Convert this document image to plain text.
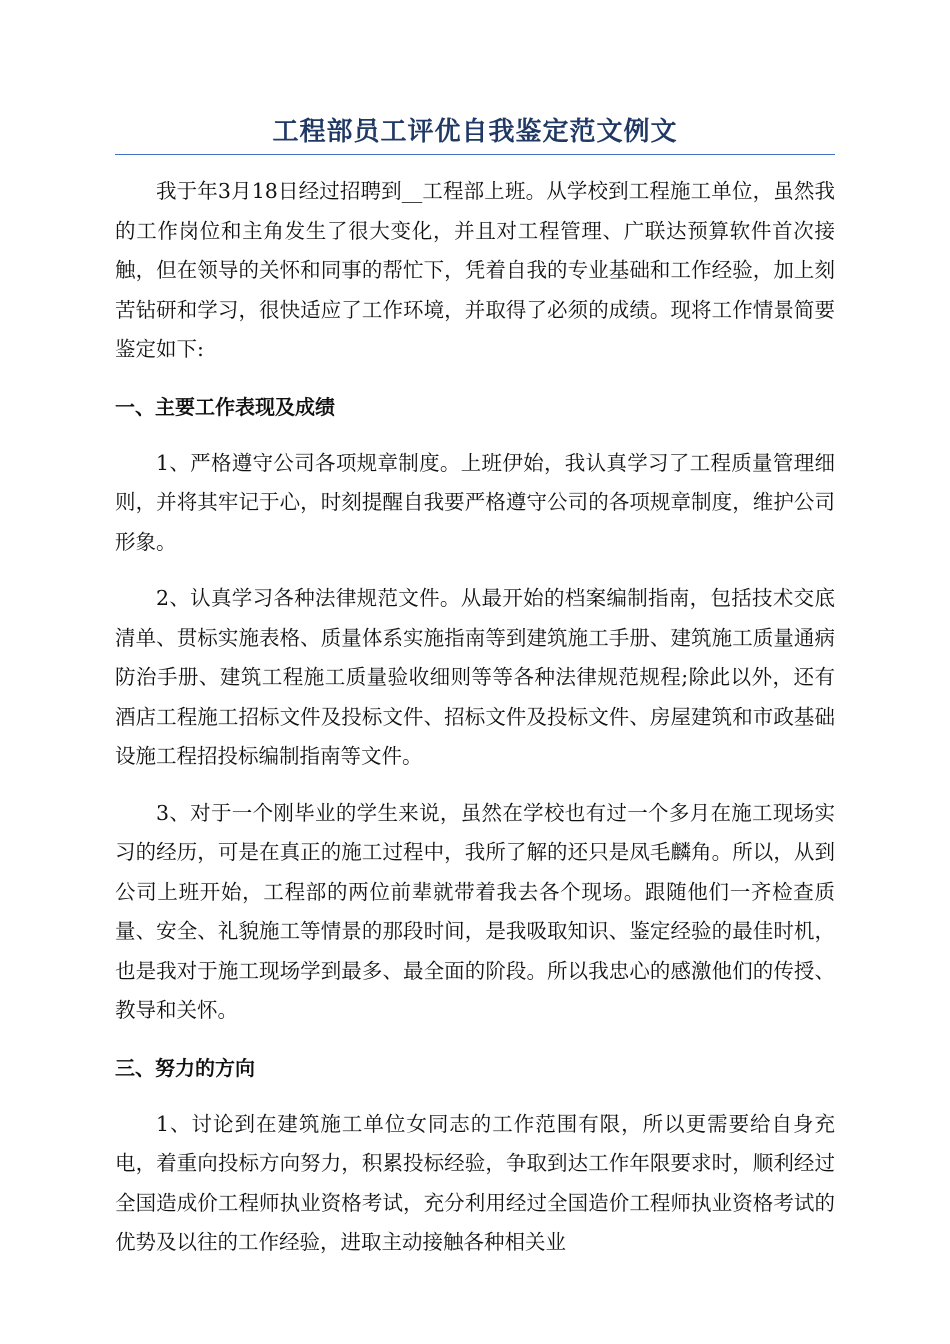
工程部员工评优自我鉴定范文例文

我于年3月18日经过招聘到__工程部上班。从学校到工程施工单位，虽然我的工作岗位和主角发生了很大变化，并且对工程管理、广联达预算软件首次接触，但在领导的关怀和同事的帮忙下，凭着自我的专业基础和工作经验，加上刻苦钻研和学习，很快适应了工作环境，并取得了必须的成绩。现将工作情景简要鉴定如下:

一、主要工作表现及成绩

1、严格遵守公司各项规章制度。上班伊始，我认真学习了工程质量管理细则，并将其牢记于心，时刻提醒自我要严格遵守公司的各项规章制度，维护公司形象。

2、认真学习各种法律规范文件。从最开始的档案编制指南，包括技术交底清单、贯标实施表格、质量体系实施指南等到建筑施工手册、建筑施工质量通病防治手册、建筑工程施工质量验收细则等等各种法律规范规程;除此以外，还有酒店工程施工招标文件及投标文件、招标文件及投标文件、房屋建筑和市政基础设施工程招投标编制指南等文件。

3、对于一个刚毕业的学生来说，虽然在学校也有过一个多月在施工现场实习的经历，可是在真正的施工过程中，我所了解的还只是凤毛麟角。所以，从到公司上班开始，工程部的两位前辈就带着我去各个现场。跟随他们一齐检查质量、安全、礼貌施工等情景的那段时间，是我吸取知识、鉴定经验的最佳时机，也是我对于施工现场学到最多、最全面的阶段。所以我忠心的感激他们的传授、教导和关怀。

三、努力的方向

1、讨论到在建筑施工单位女同志的工作范围有限，所以更需要给自身充电，着重向投标方向努力，积累投标经验，争取到达工作年限要求时，顺利经过全国造成价工程师执业资格考试，充分利用经过全国造价工程师执业资格考试的优势及以往的工作经验，进取主动接触各种相关业
